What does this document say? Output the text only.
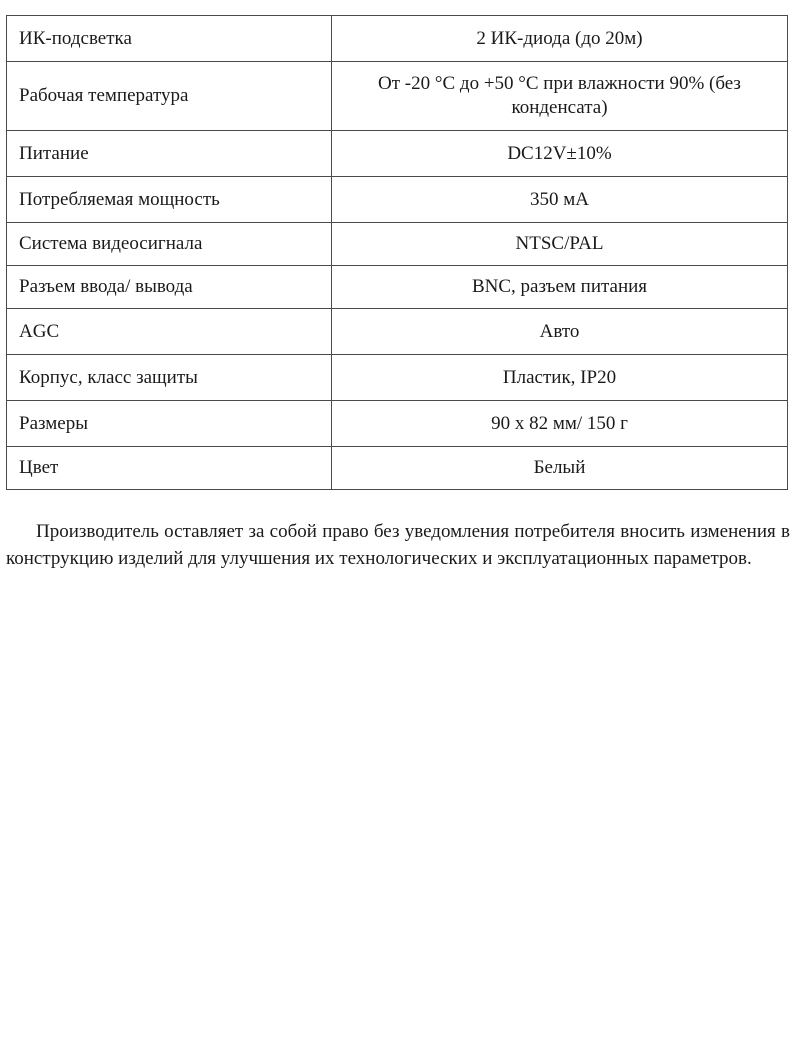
ИК-подсветка	2 ИК-диода (до 20м)
Рабочая температура	От -20 °С до +50 °С при влажности 90% (без конденсата)
Питание	DC12V±10%
Потребляемая мощность	350 мА
Система видеосигнала	NTSC/PAL
Разъем ввода/ вывода	BNC, разъем питания
AGC	Авто
Корпус, класс защиты	Пластик, IP20
Размеры	90 х 82 мм/ 150 г
Цвет	Белый

Производитель оставляет за собой право без уведомления потребителя вносить изменения в конструкцию изделий для улучшения их технологических и эксплуатационных параметров.
